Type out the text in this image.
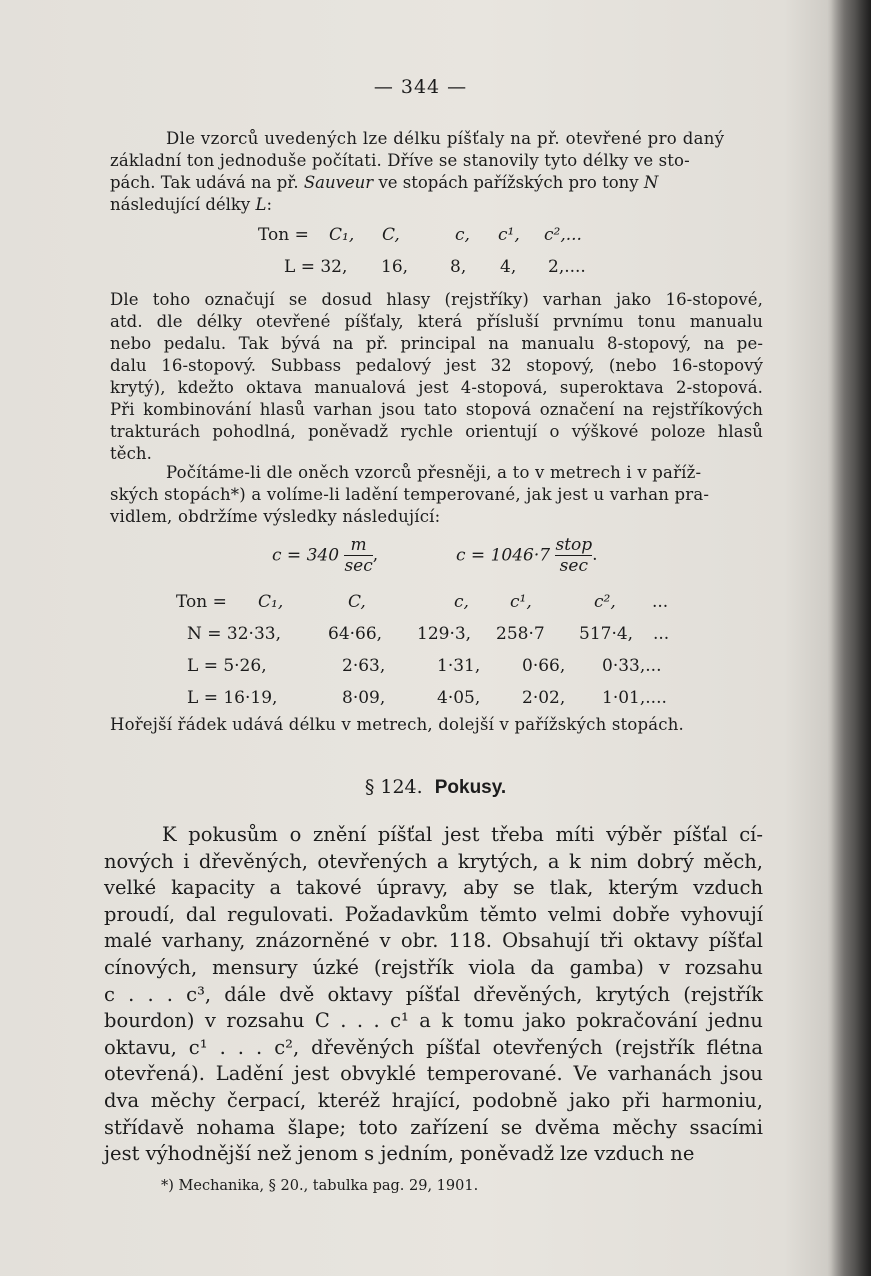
— 344 —
Dle vzorců uvedených lze délku píšťaly na př. otevřené pro daný
základní ton jednoduše počítati. Dříve se stanovily tyto délky ve sto-
pách. Tak udává na př. Sauveur ve stopách pařížských pro tony N
následující délky L:
Ton = C₁, C,	c, c¹, c²,...
L = 32, 16, 8, 4, 2,....
Dle toho označují se dosud hlasy (rejstříky) varhan jako 16-stopové,
atd. dle délky otevřené píšťaly, která přísluší prvnímu tonu manualu
nebo pedalu. Tak bývá na př. principal na manualu 8-stopový, na pe-
dalu 16-stopový. Subbass pedalový jest 32 stopový, (nebo 16-stopový
krytý), kdežto oktava manualová jest 4-stopová, superoktava 2-stopová.
Při kombinování hlasů varhan jsou tato stopová označení na rejstříkových
trakturách pohodlná, poněvadž rychle orientují o výškové poloze hlasů
těch.
Počítáme-li dle oněch vzorců přesněji, a to v metrech i v paříž-
ských stopách*) a volíme-li ladění temperované, jak jest u varhan pra-
vidlem, obdržíme výsledky následující:
$c = 340 \frac{m}{\sec}$ ,	$c = 1046\cdot 7 \frac{\text{stop}}{\sec}$ .
Ton = C₁,	C,	c, c¹,	c², ...
N = 32·33,	64·66, 129·3, 258·7 517·4, ...
L = 5·26,	2·63,	1·31, 0·66, 0·33,...
L = 16·19,	8·09,	4·05, 2·02, 1·01,....
Hořejší řádek udává délku v metrech, dolejší v pařížských stopách.
§ 124. Pokusy.
K pokusům o znění píšťal jest třeba míti výběr píšťal cí-
nových i dřevěných, otevřených a krytých, a k nim dobrý měch,
velké kapacity a takové úpravy, aby se tlak, kterým vzduch
proudí, dal regulovati. Požadavkům těmto velmi dobře vyhovují
malé varhany, znázorněné v obr. 118. Obsahují tři oktavy píšťal
cínových, mensury úzké (rejstřík viola da gamba) v rozsahu
c . . . c³, dále dvě oktavy píšťal dřevěných, krytých (rejstřík
bourdon) v rozsahu C . . . c¹ a k tomu jako pokračování jednu
oktavu, c¹ . . . c², dřevěných píšťal otevřených (rejstřík flétna
otevřená). Ladění jest obvyklé temperované. Ve varhanách jsou
dva měchy čerpací, kteréž hrající, podobně jako při harmoniu,
střídavě nohama šlape; toto zařízení se dvěma měchy ssacími
jest výhodnější než jenom s jedním, poněvadž lze vzduch ne
*) Mechanika, § 20., tabulka pag. 29, 1901.
